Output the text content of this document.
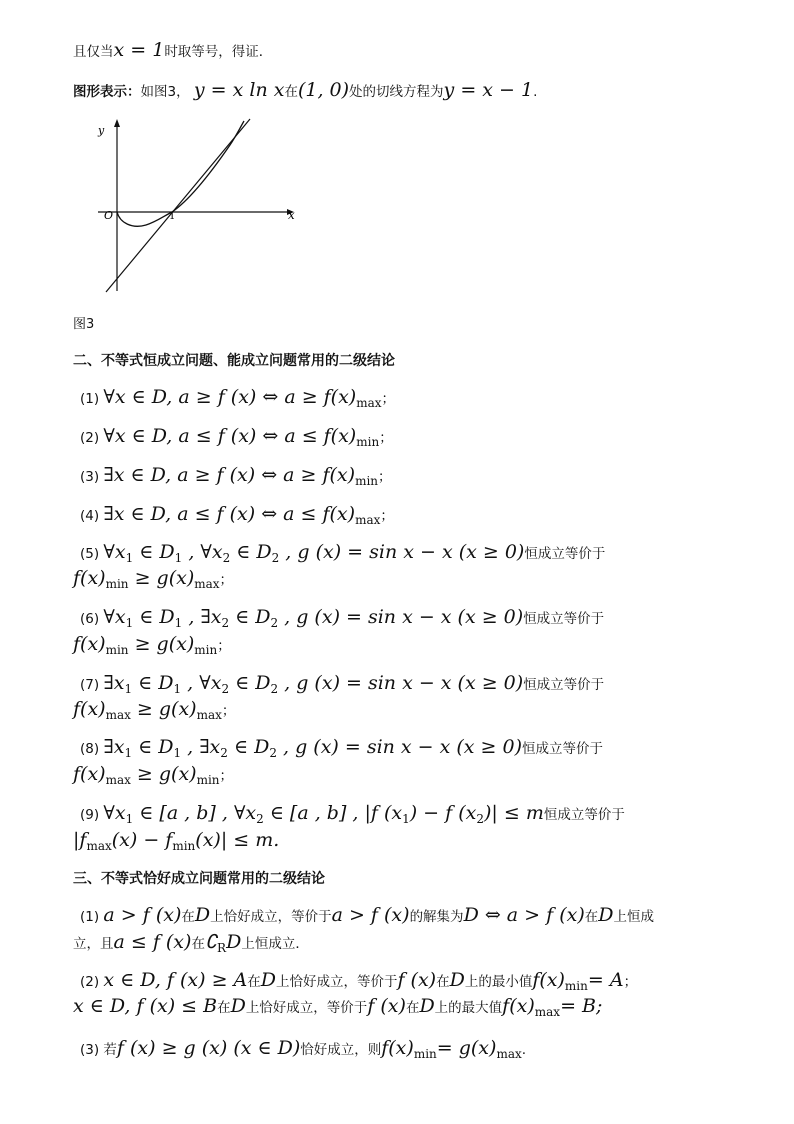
且仅当x = 1时取等号，得证．
图形表示：如图3， y = x ln x在(1, 0)处的切线方程为y = x − 1.
y
x
O	1
图3
二、不等式恒成立问题、能成立问题常用的二级结论
(1) ∀x ∈ D, a ≥ f (x) ⇔ $a \ge f(x)_{max}$；
(2) ∀x ∈ D, a ≤ f (x) ⇔ $a \le f(x)_{min}$；
(3) ∃x ∈ D, a ≥ f (x) ⇔ $a \ge f(x)_{min}$；
(4) ∃x ∈ D, a ≤ f (x) ⇔ $a \le f(x)_{max}$；
(5) $\forall x_1$ ∈ $D_1$ , $\forall x_2$ ∈ $D_2$ , g (x) = sin x − x (x ≥ 0)恒成立等价于
$f(x)_{min} \ge g(x)_{max}$；
(6) $\forall x_1$ ∈ $D_1$ , $\exists x_2$ ∈ $D_2$ , g (x) = sin x − x (x ≥ 0)恒成立等价于
$f(x)_{min} \ge g(x)_{min}$；
(7) $\exists x_1$ ∈ $D_1$ , $\forall x_2$ ∈ $D_2$ , g (x) = sin x − x (x ≥ 0)恒成立等价于
$f(x)_{max} \ge g(x)_{max}$；
(8) $\exists x_1$ ∈ $D_1$ , $\exists x_2$ ∈ $D_2$ , g (x) = sin x − x (x ≥ 0)恒成立等价于
$f(x)_{max} \ge g(x)_{min}$；
(9) $\forall x_1$ ∈ [a , b] , $\forall x_2$ ∈ [a , b] , |f $(x_1) - f$ $(x_2)| \le m$恒成立等价于
$|f_{max}(x) - f_{min}(x)| \le m$.
三、不等式恰好成立问题常用的二级结论
(1) a > f (x)在D上恰好成立，等价于a > f (x)的解集为D ⇔ a > f (x)在D上恒成
立，且a ≤ f (x)在$∁_RD$上恒成立．
(2) x ∈ D, f (x) ≥ A在D上恰好成立，等价于f (x)在D上的最小值$f(x)_{min}= A$；
x ∈ D, f (x) ≤ B在D上恰好成立，等价于f (x)在D上的最大值$f(x)_{max}= B$;
(3) 若f (x) ≥ g (x) (x ∈ D)恰好成立，则$f(x)_{min}= g(x)_{max}$.
